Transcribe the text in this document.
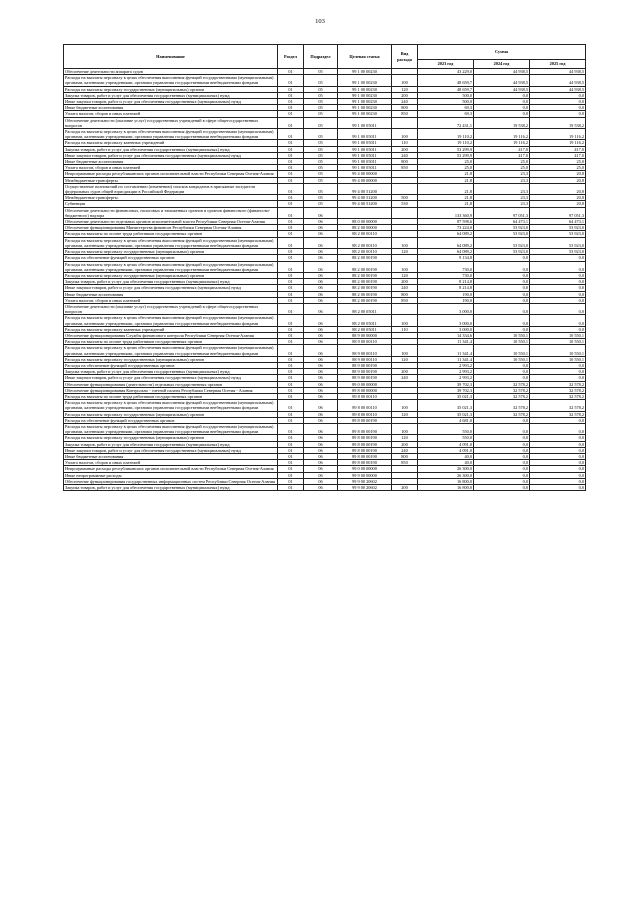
103
Наименование	Раздел	Подраздел	Целевая статья	Вид расхода	Сумма		
					2023 год	2024 год	2025 год
Обеспечение деятельности аппарата судов	01	05	99 1 00 00230		43 229,0	44 938,5	44 938,5
Расходы на выплаты персоналу в целях обеспечения выполнения функций государственными (муниципальными) органами, казенными учреждениями, органами управления государственными внебюджетными фондами	01	05	99 1 00 00230	100	48 659,7	44 938,5	44 938,5
Расходы на выплаты персоналу государственных (муниципальных) органов	01	05	99 1 00 00230	120	48 659,7	44 938,5	44 938,5
Закупка товаров, работ и услуг для обеспечения государственных (муниципальных) нужд	01	05	99 1 00 00230	200	500,0	0,0	0,0
Иные закупки товаров, работ и услуг для обеспечения государственных (муниципальных) нужд	01	05	99 1 00 00230	240	500,0	0,0	0,0
Иные бюджетные ассигнования	01	05	99 1 00 00230	800	69,3	0,0	0,0
Уплата налогов, сборов и иных платежей	01	05	99 1 00 00230	850	69,3	0,0	0,0
Обеспечение деятельности (оказание услуг) государственных учреждений в сфере общегосударственных вопросов	01	05	99 1 00 05011		72 431,1	19 538,2	19 538,2
Расходы на выплаты персоналу в целях обеспечения выполнения функций государственными (муниципальными) органами, казенными учреждениями, органами управления государственными внебюджетными фондами	01	05	99 1 00 05011	100	19 110,2	19 116,2	19 116,2
Расходы на выплаты персоналу казенных учреждений	01	05	99 1 00 05011	110	19 110,2	19 116,2	19 116,2
Закупка товаров, работ и услуг для обеспечения государственных (муниципальных) нужд	01	05	99 1 00 05011	200	53 299,9	417,0	417,0
Иные закупки товаров, работ и услуг для обеспечения государственных (муниципальных) нужд	01	05	99 1 00 05011	240	53 299,9	417,0	417,0
Иные бюджетные ассигнования	01	05	99 1 00 05011	800	25,0	25,0	25,0
Уплата налогов, сборов и иных платежей	01	05	99 1 00 05011	850	25,0	25,0	25,0
Непрограммные расходы республиканских органов исполнительной власти Республики Северная Осетия-Алания	01	05	99 4 00 00000		21,8	23,3	20,8
Межбюджетные трансферты	01	05	99 4 00 00000		21,8	23,3	20,8
Осуществление полномочий по составлению (изменению) списков кандидатов в присяжные заседатели федеральных судов общей юрисдикции в Российской Федерации	01	05	99 4 00 51200		21,8	23,3	20,8
Межбюджетные трансферты	01	05	99 4 00 51200	500	21,8	23,3	20,8
Субвенции	01	05	99 4 00 51200	530	21,8	23,3	20,8
Обеспечение деятельности финансовых, налоговых и таможенных органов и органов финансового (финансово-бюджетного) надзора	01	06			133 360,9	97 051,3	97 051,3
Обеспечение деятельности отдельных органов исполнительной власти Республики Северная Осетия-Алания	01	06	88 0 00 00000		87 598,6	64 473,1	64 473,1
Обеспечение функционирования Министерства финансов Республики Северная Осетия-Алания	01	06	88 2 00 00000		73 224,0	53 923,0	53 923,0
Расходы на выплаты по оплате труда работников государственных органов	01	06	88 2 00 00110		64 089,2	53 923,0	53 923,0
Расходы на выплаты персоналу в целях обеспечения выполнения функций государственными (муниципальными) органами, казенными учреждениями, органами управления государственными внебюджетными фондами	01	06	88 2 00 00110	100	64 089,2	53 923,0	53 923,0
Расходы на выплаты персоналу государственных (муниципальных) органов	01	06	88 2 00 00110	120	64 089,2	53 923,0	53 923,0
Расходы на обеспечение функций государственных органов	01	06	88 2 00 00190		9 134,8	0,0	0,0
Расходы на выплаты персоналу в целях обеспечения выполнения функций государственными (муниципальными) органами, казенными учреждениями, органами управления государственными внебюджетными фондами	01	06	88 2 00 00190	100	730,0	0,0	0,0
Расходы на выплаты персоналу государственных (муниципальных) органов	01	06	88 2 00 00190	120	730,0	0,0	0,0
Закупка товаров, работ и услуг для обеспечения государственных (муниципальных) нужд	01	06	88 2 00 00190	200	8 214,8	0,0	0,0
Иные закупки товаров, работ и услуг для обеспечения государственных (муниципальных) нужд	01	06	88 2 00 00190	240	8 214,8	0,0	0,0
Иные бюджетные ассигнования	01	06	88 2 00 00190	800	190,0	0,0	0,0
Уплата налогов, сборов и иных платежей	01	06	88 2 00 00190	850	190,0	0,0	0,0
Обеспечение деятельности (оказание услуг) государственных учреждений в сфере общегосударственных вопросов	01	06	88 2 00 05011		3 000,0	0,0	0,0
Расходы на выплаты персоналу в целях обеспечения выполнения функций государственными (муниципальными) органами, казенными учреждениями, органами управления государственными внебюджетными фондами	01	06	88 2 00 05011	100	3 000,0	0,0	0,0
Расходы на выплаты персоналу казенных учреждений	01	06	88 2 00 05011	110	3 000,0	0,0	0,0
Обеспечение функционирования Службы финансового контроля Республики Северная Осетия-Алания	01	06	88 9 00 00000		14 334,6	10 550,1	10 550,1
Расходы на выплаты по оплате труда работников государственных органов	01	06	88 9 00 00110		11 341,4	10 550,1	10 550,1
Расходы на выплаты персоналу в целях обеспечения выполнения функций государственными (муниципальными) органами, казенными учреждениями, органами управления государственными внебюджетными фондами	01	06	88 9 00 00110	100	11 341,4	10 550,1	10 550,1
Расходы на выплаты персоналу государственных (муниципальных) органов	01	06	88 9 00 00110	120	11 341,4	10 550,1	10 550,1
Расходы на обеспечение функций государственных органов	01	06	88 9 00 00190		2 993,2	0,0	0,0
Закупка товаров, работ и услуг для обеспечения государственных (муниципальных) нужд	01	06	88 9 00 00190	200	2 993,2	0,0	0,0
Иные закупки товаров, работ и услуг для обеспечения государственных (муниципальных) нужд	01	06	88 9 00 00190	240	2 993,2	0,0	0,0
Обеспечение функционирования (деятельности) отдельных государственных органов	01	06	89 0 00 00000		39 702,3	32 578,2	32 578,2
Обеспечение функционирования Контрольно - счетной палаты Республики Северная Осетия - Алания	01	06	89 8 00 00000		39 702,3	32 578,2	32 578,2
Расходы на выплаты по оплате труда работников государственных органов	01	06	89 8 00 00110		35 021,3	32 578,2	32 578,2
Расходы на выплаты персоналу в целях обеспечения выполнения функций государственными (муниципальными) органами, казенными учреждениями, органами управления государственными внебюджетными фондами	01	06	89 8 00 00110	100	35 021,3	32 578,2	32 578,2
Расходы на выплаты персоналу государственных (муниципальных) органов	01	06	89 8 00 00110	120	35 021,3	32 578,2	32 578,2
Расходы на обеспечение функций государственных органов	01	06	89 8 00 00190		4 681,0	0,0	0,0
Расходы на выплаты персоналу в целях обеспечения выполнения функций государственными (муниципальными) органами, казенными учреждениями, органами управления государственными внебюджетными фондами	01	06	89 8 00 00190	100	550,0	0,0	0,0
Расходы на выплаты персоналу государственных (муниципальных) органов	01	06	89 8 00 00190	120	550,0	0,0	0,0
Закупка товаров, работ и услуг для обеспечения государственных (муниципальных) нужд	01	06	89 8 00 00190	200	4 091,0	0,0	0,0
Иные закупки товаров, работ и услуг для обеспечения государственных (муниципальных) нужд	01	06	89 8 00 00190	240	4 091,0	0,0	0,0
Иные бюджетные ассигнования	01	06	89 8 00 00190	800	40,0	0,0	0,0
Уплата налогов, сборов и иных платежей	01	06	89 8 00 00190	850	40,0	0,0	0,0
Непрограммные расходы республиканских органов исполнительной власти Республики Северная Осетия-Алания	01	06	99 0 00 00000		26 300,0	0,0	0,0
Иные непрограммные расходы	01	06	99 9 00 00000		26 300,0	0,0	0,0
Обеспечение функционирования государственных информационных систем Республики Северная Осетия-Алания	01	06	99 9 00 20602		16 800,0	0,0	0,0
Закупка товаров, работ и услуг для обеспечения государственных (муниципальных) нужд	01	06	99 9 00 20602	200	16 800,0	0,0	0,0
